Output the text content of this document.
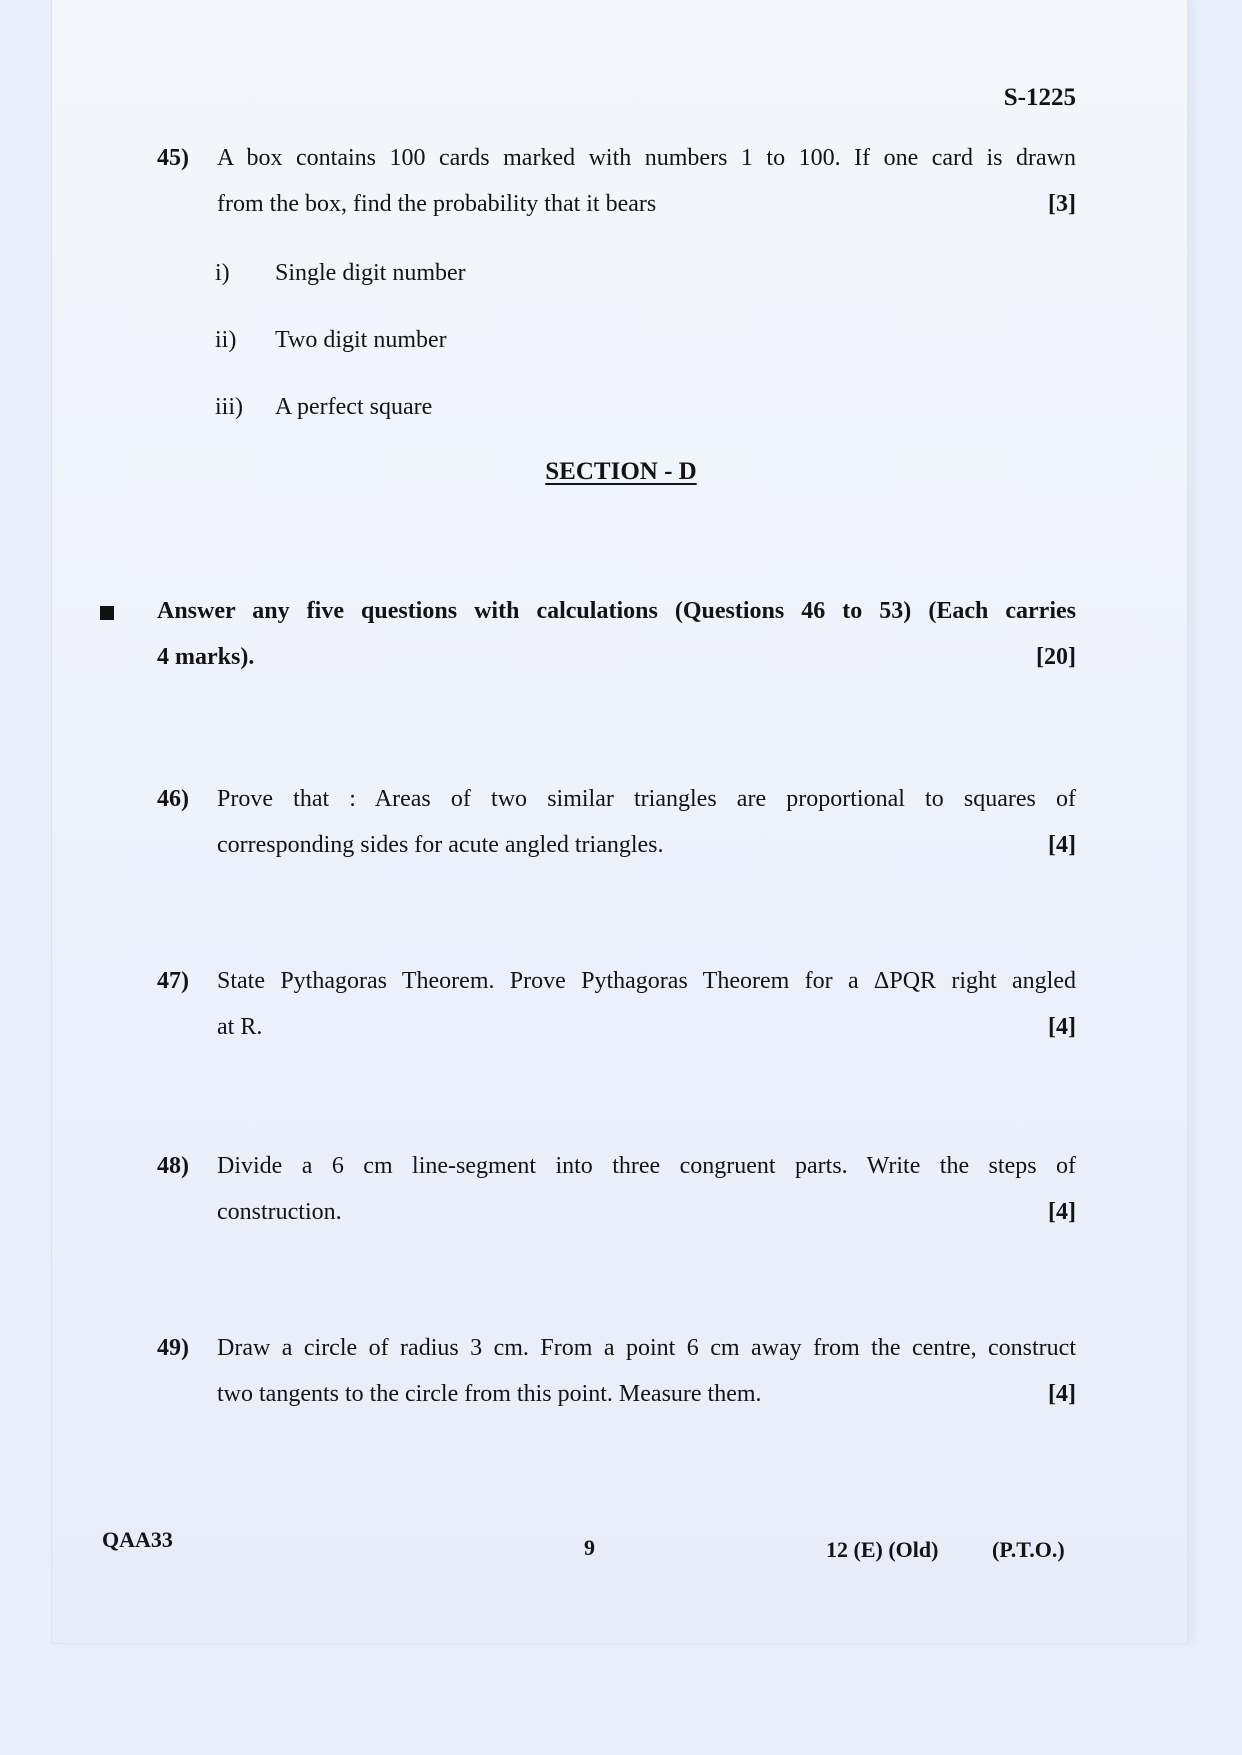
S-1225
45) A box contains 100 cards marked with numbers 1 to 100. If one card is drawn
from the box, find the probability that it bears	[3]
i) Single digit number
ii) Two digit number
iii) A perfect square
SECTION - D
Answer any five questions with calculations (Questions 46 to 53) (Each carries
4 marks).	[20]
46) Prove that : Areas of two similar triangles are proportional to squares of
corresponding sides for acute angled triangles.	[4]
47) State Pythagoras Theorem. Prove Pythagoras Theorem for a ΔPQR right angled
at R.	[4]
48) Divide a 6 cm line-segment into three congruent parts. Write the steps of
construction.	[4]
49) Draw a circle of radius 3 cm. From a point 6 cm away from the centre, construct
two tangents to the circle from this point. Measure them.	[4]
QAA33	9	12 (E) (Old) (P.T.O.)
